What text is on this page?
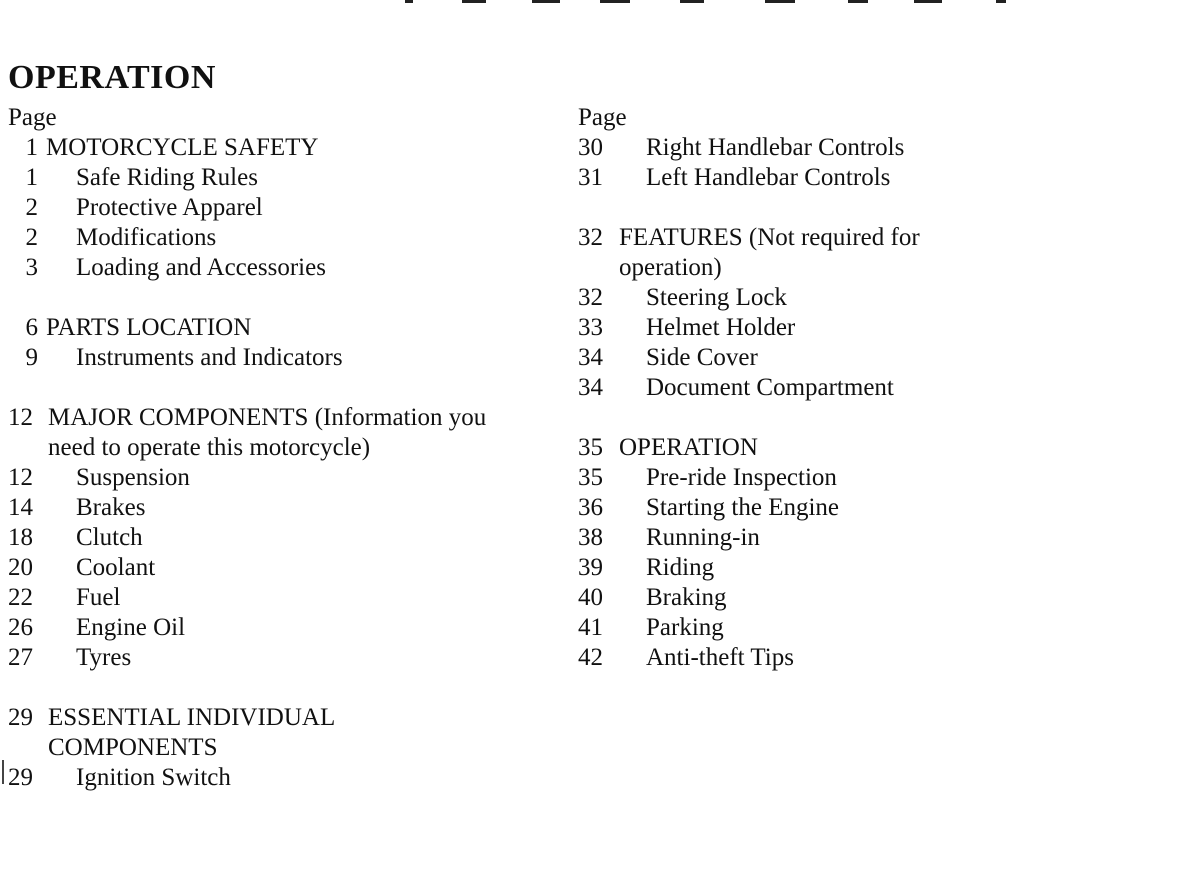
OPERATION
Page
1 MOTORCYCLE SAFETY
1	Safe Riding Rules
2	Protective Apparel
2	Modifications
3	Loading and Accessories
6 PARTS LOCATION
9	Instruments and Indicators
12 MAJOR COMPONENTS (Information you need to operate this motorcycle)
12	Suspension
14	Brakes
18	Clutch
20	Coolant
22	Fuel
26	Engine Oil
27	Tyres
29 ESSENTIAL INDIVIDUAL COMPONENTS
29	Ignition Switch
Page
30	Right Handlebar Controls
31	Left Handlebar Controls
32 FEATURES (Not required for operation)
32	Steering Lock
33	Helmet Holder
34	Side Cover
34	Document Compartment
35 OPERATION
35	Pre-ride Inspection
36	Starting the Engine
38	Running-in
39	Riding
40	Braking
41	Parking
42	Anti-theft Tips
